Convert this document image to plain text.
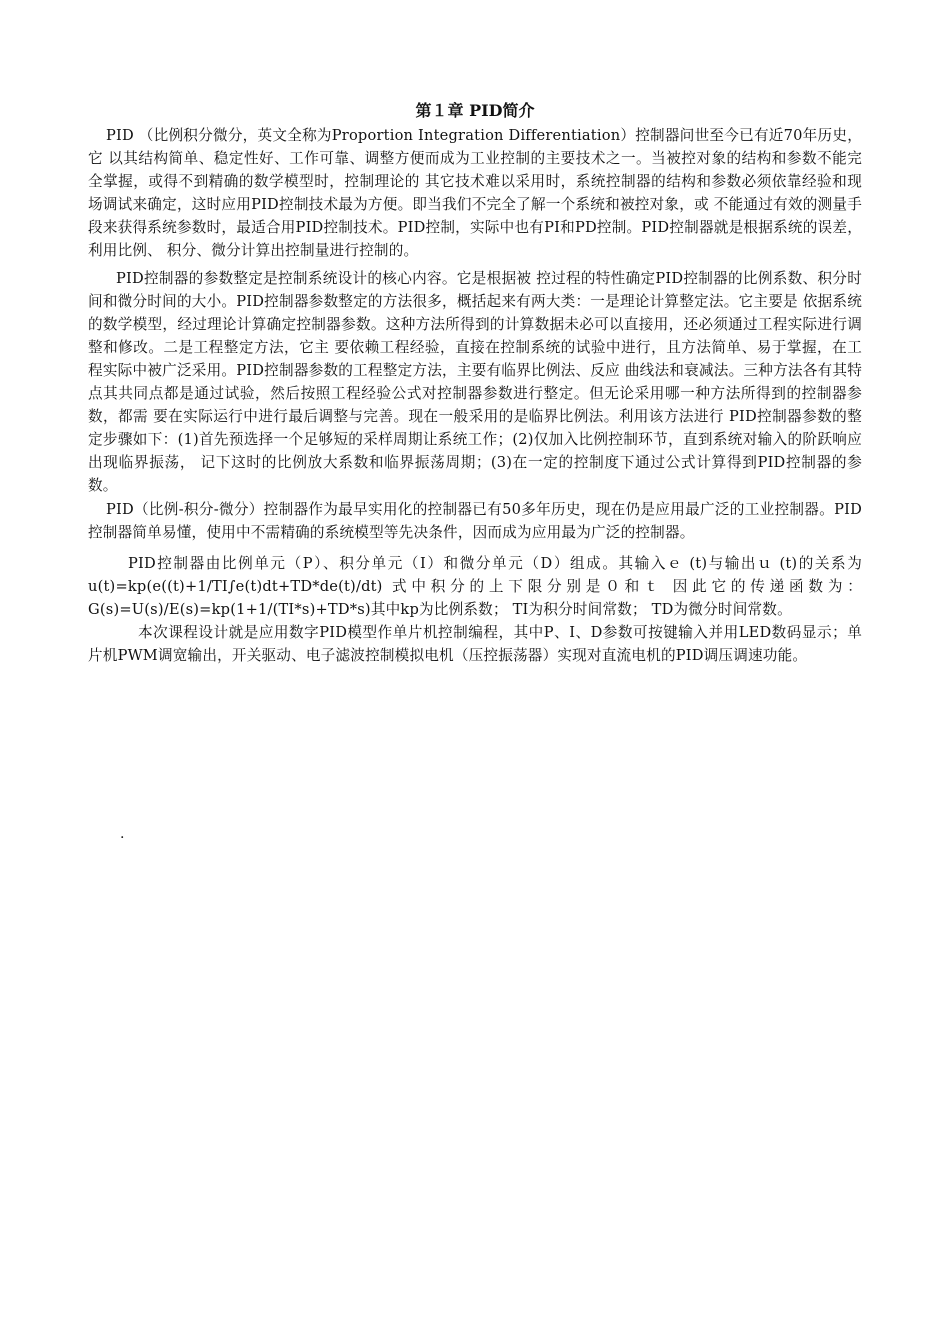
第１章 PID简介

PID （比例积分微分，英文全称为Proportion Integration Differentiation）控制器问世至今已有近70年历史，它 以其结构简单、稳定性好、工作可靠、调整方便而成为工业控制的主要技术之一。当被控对象的结构和参数不能完全掌握，或得不到精确的数学模型时，控制理论的 其它技术难以采用时，系统控制器的结构和参数必须依靠经验和现场调试来确定，这时应用PID控制技术最为方便。即当我们不完全了解一个系统和被控对象，或 不能通过有效的测量手段来获得系统参数时，最适合用PID控制技术。PID控制，实际中也有PI和PD控制。PID控制器就是根据系统的误差，利用比例、 积分、微分计算出控制量进行控制的。

PID控制器的参数整定是控制系统设计的核心内容。它是根据被 控过程的特性确定PID控制器的比例系数、积分时间和微分时间的大小。PID控制器参数整定的方法很多，概括起来有两大类：一是理论计算整定法。它主要是 依据系统的数学模型，经过理论计算确定控制器参数。这种方法所得到的计算数据未必可以直接用，还必须通过工程实际进行调整和修改。二是工程整定方法，它主 要依赖工程经验，直接在控制系统的试验中进行，且方法简单、易于掌握，在工程实际中被广泛采用。PID控制器参数的工程整定方法，主要有临界比例法、反应 曲线法和衰减法。三种方法各有其特点其共同点都是通过试验，然后按照工程经验公式对控制器参数进行整定。但无论采用哪一种方法所得到的控制器参数，都需 要在实际运行中进行最后调整与完善。现在一般采用的是临界比例法。利用该方法进行 PID控制器参数的整定步骤如下：(1)首先预选择一个足够短的采样周期让系统工作；(2)仅加入比例控制环节，直到系统对输入的阶跃响应出现临界振荡， 记下这时的比例放大系数和临界振荡周期；(3)在一定的控制度下通过公式计算得到PID控制器的参数。

PID（比例-积分-微分）控制器作为最早实用化的控制器已有50多年历史，现在仍是应用最广泛的工业控制器。PID控制器简单易懂，使用中不需精确的系统模型等先决条件，因而成为应用最为广泛的控制器。

PID控制器由比例单元（P）、积分单元（I）和微分单元（D）组成。其输入ｅ (t)与输出ｕ (t)的关系为 u(t)=kp(e((t)+1/TI∫e(t)dt+TD*de(t)/dt) 式中积分的上下限分别是０和ｔ 因此它的传递函数为：G(s)=U(s)/E(s)=kp(1+1/(TI*s)+TD*s)其中kp为比例系数； TI为积分时间常数； TD为微分时间常数。

本次课程设计就是应用数字PID模型作单片机控制编程，其中P、I、D参数可按键输入并用LED数码显示；单片机PWM调宽输出，开关驱动、电子滤波控制模拟电机（压控振荡器）实现对直流电机的PID调压调速功能。

.
